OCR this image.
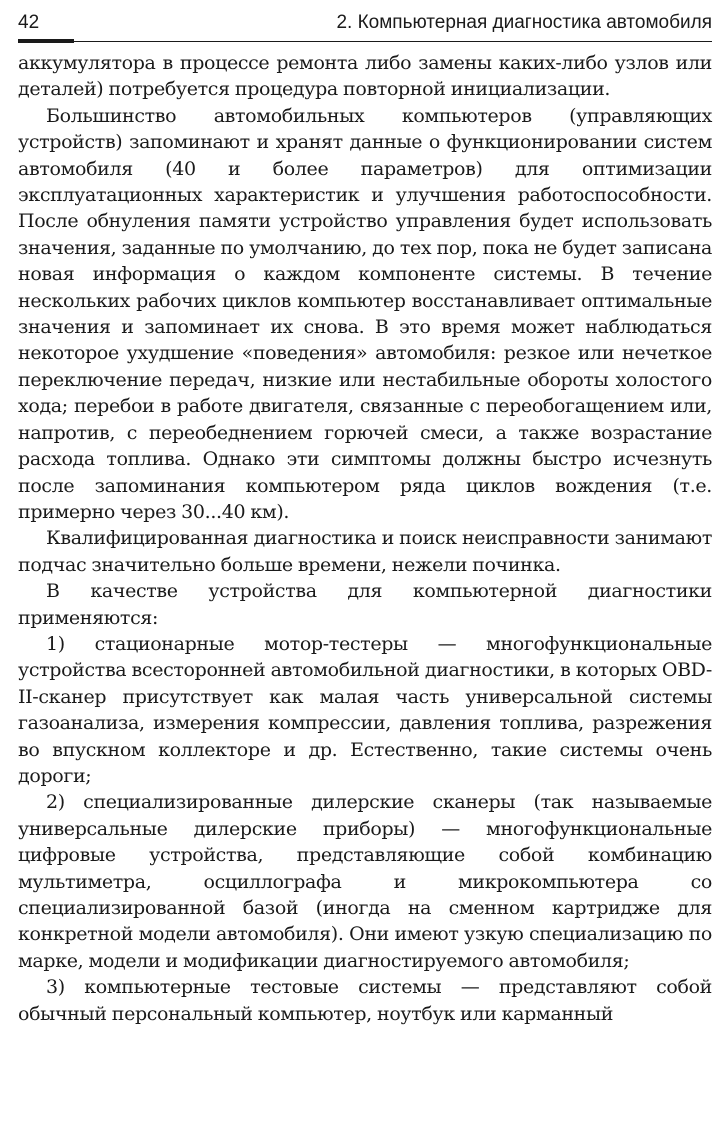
42	2. Компьютерная диагностика автомобиля

аккумулятора в процессе ремонта либо замены каких-либо узлов или деталей) потребуется процедура повторной инициализации.

Большинство автомобильных компьютеров (управляющих устройств) запоминают и хранят данные о функционировании систем автомобиля (40 и более параметров) для оптимизации эксплуатационных характеристик и улучшения работоспособности. После обнуления памяти устройство управления будет использовать значения, заданные по умолчанию, до тех пор, пока не будет записана новая информация о каждом компоненте системы. В течение нескольких рабочих циклов компьютер восстанавливает оптимальные значения и запоминает их снова. В это время может наблюдаться некоторое ухудшение «поведения» автомобиля: резкое или нечеткое переключение передач, низкие или нестабильные обороты холостого хода; перебои в работе двигателя, связанные с переобогащением или, напротив, с переобеднением горючей смеси, а также возрастание расхода топлива. Однако эти симптомы должны быстро исчезнуть после запоминания компьютером ряда циклов вождения (т.е. примерно через 30...40 км).

Квалифицированная диагностика и поиск неисправности занимают подчас значительно больше времени, нежели починка.

В качестве устройства для компьютерной диагностики применяются:

1) стационарные мотор-тестеры — многофункциональные устройства всесторонней автомобильной диагностики, в которых OBD-II-сканер присутствует как малая часть универсальной системы газоанализа, измерения компрессии, давления топлива, разрежения во впускном коллекторе и др. Естественно, такие системы очень дороги;

2) специализированные дилерские сканеры (так называемые универсальные дилерские приборы) — многофункциональные цифровые устройства, представляющие собой комбинацию мультиметра, осциллографа и микрокомпьютера со специализированной базой (иногда на сменном картридже для конкретной модели автомобиля). Они имеют узкую специализацию по марке, модели и модификации диагностируемого автомобиля;

3) компьютерные тестовые системы — представляют собой обычный персональный компьютер, ноутбук или карманный
